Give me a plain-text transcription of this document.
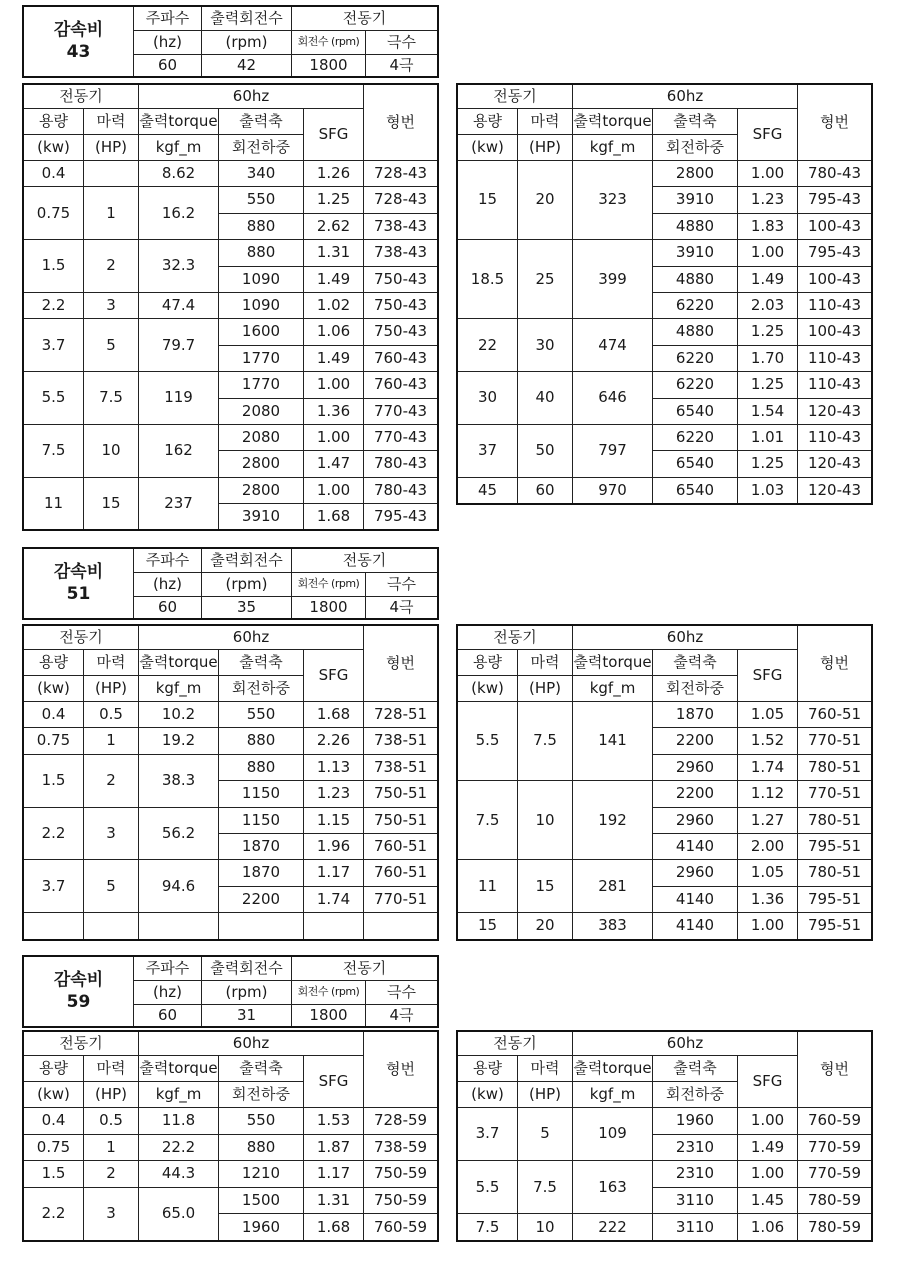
감속비
43	주파수	출력회전수	전동기	
	(hz)	(rpm)	회전수 (rpm)	극수
	60	42	1800	4극
전동기		60hz			형번
용량	마력	출력torque	출력축	SFG	
(kw)	(HP)	kgf_m	회전하중		
0.4		8.62	340	1.26	728-43
0.75	1	16.2	550	1.25	728-43
			880	2.62	738-43
1.5	2	32.3	880	1.31	738-43
			1090	1.49	750-43
2.2	3	47.4	1090	1.02	750-43
3.7	5	79.7	1600	1.06	750-43
			1770	1.49	760-43
5.5	7.5	119	1770	1.00	760-43
			2080	1.36	770-43
7.5	10	162	2080	1.00	770-43
			2800	1.47	780-43
11	15	237	2800	1.00	780-43
			3910	1.68	795-43
전동기		60hz			형번
용량	마력	출력torque	출력축	SFG	
(kw)	(HP)	kgf_m	회전하중		
15	20	323	2800	1.00	780-43
			3910	1.23	795-43
			4880	1.83	100-43
18.5	25	399	3910	1.00	795-43
			4880	1.49	100-43
			6220	2.03	110-43
22	30	474	4880	1.25	100-43
			6220	1.70	110-43
30	40	646	6220	1.25	110-43
			6540	1.54	120-43
37	50	797	6220	1.01	110-43
			6540	1.25	120-43
45	60	970	6540	1.03	120-43
감속비
51	주파수	출력회전수	전동기	
	(hz)	(rpm)	회전수 (rpm)	극수
	60	35	1800	4극
전동기		60hz			형번
용량	마력	출력torque	출력축	SFG	
(kw)	(HP)	kgf_m	회전하중		
0.4	0.5	10.2	550	1.68	728-51
0.75	1	19.2	880	2.26	738-51
1.5	2	38.3	880	1.13	738-51
			1150	1.23	750-51
2.2	3	56.2	1150	1.15	750-51
			1870	1.96	760-51
3.7	5	94.6	1870	1.17	760-51
			2200	1.74	770-51

전동기		60hz			형번
용량	마력	출력torque	출력축	SFG	
(kw)	(HP)	kgf_m	회전하중		
5.5	7.5	141	1870	1.05	760-51
			2200	1.52	770-51
			2960	1.74	780-51
7.5	10	192	2200	1.12	770-51
			2960	1.27	780-51
			4140	2.00	795-51
11	15	281	2960	1.05	780-51
			4140	1.36	795-51
15	20	383	4140	1.00	795-51
감속비
59	주파수	출력회전수	전동기	
	(hz)	(rpm)	회전수 (rpm)	극수
	60	31	1800	4극
전동기		60hz			형번
용량	마력	출력torque	출력축	SFG	
(kw)	(HP)	kgf_m	회전하중		
0.4	0.5	11.8	550	1.53	728-59
0.75	1	22.2	880	1.87	738-59
1.5	2	44.3	1210	1.17	750-59
2.2	3	65.0	1500	1.31	750-59
			1960	1.68	760-59
전동기		60hz			형번
용량	마력	출력torque	출력축	SFG	
(kw)	(HP)	kgf_m	회전하중		
3.7	5	109	1960	1.00	760-59
			2310	1.49	770-59
5.5	7.5	163	2310	1.00	770-59
			3110	1.45	780-59
7.5	10	222	3110	1.06	780-59
